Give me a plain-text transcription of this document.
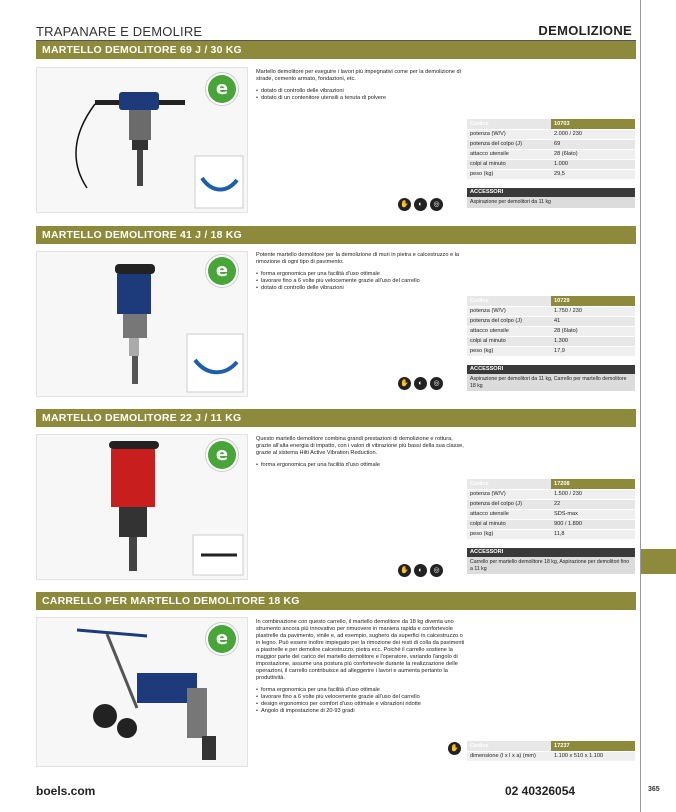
TRAPANARE E DEMOLIRE	DEMOLIZIONE
MARTELLO DEMOLITORE 69 J / 30 KG
e
Martello demolitore per eseguire i lavori più impegnativi come per la demolizione di strade, cemento armato, fondazioni, etc.
• dotato di controllo delle vibrazioni
• dotato di un contenitore utensili a tenuta di polvere
Codice	10703
potenza (W/V)	2.000 / 230
potenza del colpo (J)	69
attacco utensile	28 (6lato)
colpi al minuto	1.000
peso (kg)	29,5
ACCESSORI
Aspirazione per demolitori da 11 kg
✋	◐	◎
MARTELLO DEMOLITORE 41 J / 18 KG
e
Potente martello demolitore per la demolizione di muri in pietra e calcestruzzo e la rimozione di ogni tipo di pavimento.
• forma ergonomica per una facilità d'uso ottimale
• lavorare fino a 6 volte più velocemente grazie all'uso del carrello
• dotato di controllo delle vibrazioni
Codice	10729
potenza (W/V)	1.750 / 230
potenza del colpo (J)	41
attacco utensile	28 (6lato)
colpi al minuto	1.300
peso (kg)	17,9
ACCESSORI
Aspirazione per demolitori da 11 kg, Carrello per martello demolitore 18 kg
✋	◐	◎
MARTELLO DEMOLITORE 22 J / 11 KG
e
Questo martello demolitore combina grandi prestazioni di demolizione e rottura, grazie all'alta energia di impatto, con i valori di vibrazione più bassi della sua classe, grazie al sistema Hilti Active Vibration Reduction.
• forma ergonomica per una facilità d'uso ottimale
Codice	17208
potenza (W/V)	1.500 / 230
potenza del colpo (J)	22
attacco utensile	SDS-max
colpi al minuto	900 / 1.890
peso (kg)	11,8
ACCESSORI
Carrello per martello demolitore 18 kg, Aspirazione per demolitori fino a 11 kg
✋	◐	◎
CARRELLO PER MARTELLO DEMOLITORE 18 KG
e
In combinazione con questo carrello, il martello demolitore da 18 kg diventa uno strumento ancora più innovativo per rimuovere in maniera rapida e confortevole piastrelle da pavimento, vinile e, ad esempio, sughero da superfici in calcestruzzo o in legno. Può essere inoltre impiegato per la rimozione dei resti di colla da pavimenti a piastrelle e per demolire calcestruzzo, pietra ecc. Poiché il carrello sostiene la maggior parte del carico del martello demolitore e l'operatore, variando l'angolo di impostazione, assume una postura più confortevole durante la realizzazione delle operazioni, il carrello contribuisce ad alleggerire i lavori e aumenta pertanto la produttività.
• forma ergonomica per una facilità d'uso ottimale
• lavorare fino a 6 volte più velocemente grazie all'uso del carrello
• design ergonomico per comfort d'uso ottimale e vibrazioni ridotte
• Angolo di impostazione di 20-93 gradi
Codice	17237
dimensione (l x l x a) (mm)	1.100 x 510 x 1.100
✋
boels.com	02 40326054	365
